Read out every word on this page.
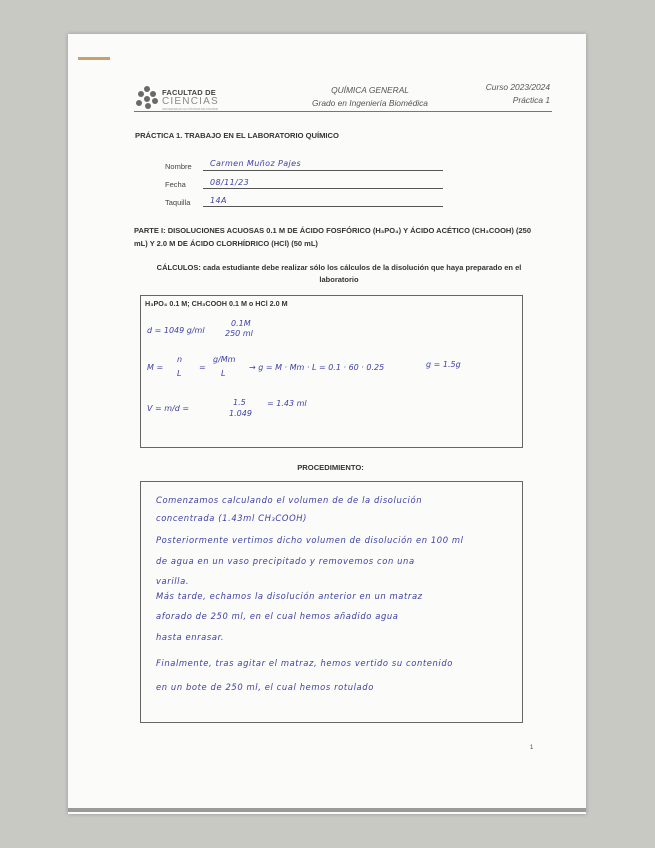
FACULTAD DE
CIENCIAS
UNIVERSIDAD AUTÓNOMA DE MADRID
QUÍMICA GENERAL
Grado en Ingeniería Biomédica
Curso 2023/2024
Práctica 1
PRÁCTICA 1. TRABAJO EN EL LABORATORIO QUÍMICO
Nombre Carmen Muñoz Pajes
Fecha	08/11/23
Taquilla 14A
PARTE I: DISOLUCIONES ACUOSAS 0.1 M DE ÁCIDO FOSFÓRICO (H₃PO₄) Y ÁCIDO ACÉTICO (CH₃COOH) (250 mL) Y 2.0 M DE ÁCIDO CLORHÍDRICO (HCl) (50 mL)
CÁLCULOS: cada estudiante debe realizar sólo los cálculos de la disolución que haya preparado en el laboratorio
H₃PO₄ 0.1 M; CH₃COOH 0.1 M o HCl 2.0 M
d = 1049 g/ml
0.1M
250 ml
M =
n
L
=
g/Mm
L
→ g = M · Mm · L = 0.1 · 60 · 0.25	g = 1.5g
V = m/d =
1.5
1.049
= 1.43 ml
PROCEDIMIENTO:
Comenzamos calculando el volumen de de la disolución
concentrada (1.43ml CH₃COOH)
Posteriormente vertimos dicho volumen de disolución en 100 ml
de agua en un vaso precipitado y removemos con una
varilla.
Más tarde, echamos la disolución anterior en un matraz
aforado de 250 ml, en el cual hemos añadido agua
hasta enrasar.
Finalmente, tras agitar el matraz, hemos vertido su contenido
en un bote de 250 ml, el cual hemos rotulado
1
